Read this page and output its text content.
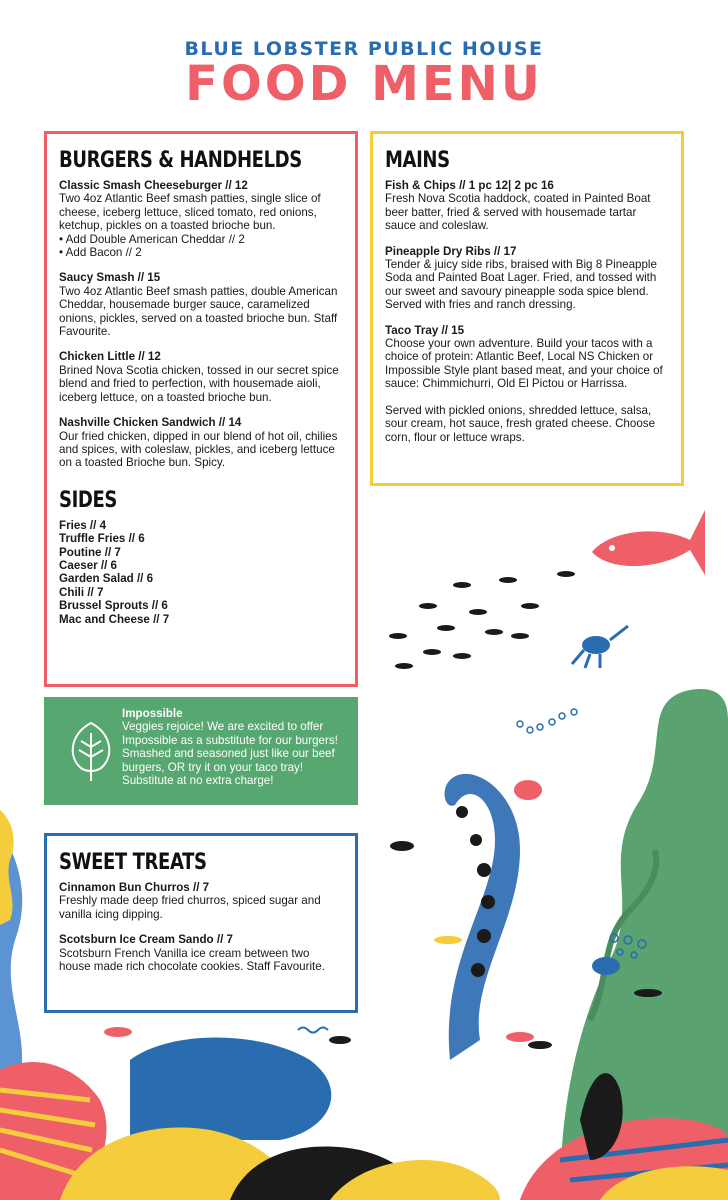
BLUE LOBSTER PUBLIC HOUSE
FOOD MENU
BURGERS & HANDHELDS
Classic Smash Cheeseburger // 12
Two 4oz Atlantic Beef smash patties, single slice of cheese, iceberg lettuce, sliced tomato, red onions, ketchup, pickles on a toasted brioche bun.
• Add Double American Cheddar // 2
• Add Bacon // 2
Saucy Smash // 15
Two 4oz Atlantic Beef smash patties, double American Cheddar, housemade burger sauce, caramelized onions, pickles, served on a toasted brioche bun. Staff Favourite.
Chicken Little // 12
Brined Nova Scotia chicken, tossed in our secret spice blend and fried to perfection, with housemade aioli, iceberg lettuce, on a toasted brioche bun.
Nashville Chicken Sandwich // 14
Our fried chicken, dipped in our blend of hot oil, chilies and spices, with coleslaw, pickles, and iceberg lettuce on a toasted Brioche bun. Spicy.
SIDES
Fries // 4
Truffle Fries // 6
Poutine // 7
Caeser // 6
Garden Salad // 6
Chili // 7
Brussel Sprouts // 6
Mac and Cheese // 7
Impossible
Veggies rejoice! We are excited to offer Impossible as a substitute for our burgers! Smashed and seasoned just like our beef burgers, OR try it on your taco tray! Substitute at no extra charge!
MAINS
Fish & Chips // 1 pc 12| 2 pc 16
Fresh Nova Scotia haddock, coated in Painted Boat beer batter, fried & served with housemade tartar sauce and coleslaw.
Pineapple Dry Ribs // 17
Tender & juicy side ribs, braised with Big 8 Pineapple Soda and Painted Boat Lager. Fried, and tossed with our sweet and savoury pineapple soda spice blend. Served with fries and ranch dressing.
Taco Tray // 15
Choose your own adventure. Build your tacos with a choice of protein: Atlantic Beef, Local NS Chicken or Impossible Style plant based meat, and your choice of sauce: Chimmichurri, Old El Pictou or Harrissa.
Served with pickled onions, shredded lettuce, salsa, sour cream, hot sauce, fresh grated cheese. Choose corn, flour or lettuce wraps.
SWEET TREATS
Cinnamon Bun Churros // 7
Freshly made deep fried churros, spiced sugar and vanilla icing dipping.
Scotsburn Ice Cream Sando // 7
Scotsburn French Vanilla ice cream between two house made rich chocolate cookies. Staff Favourite.
